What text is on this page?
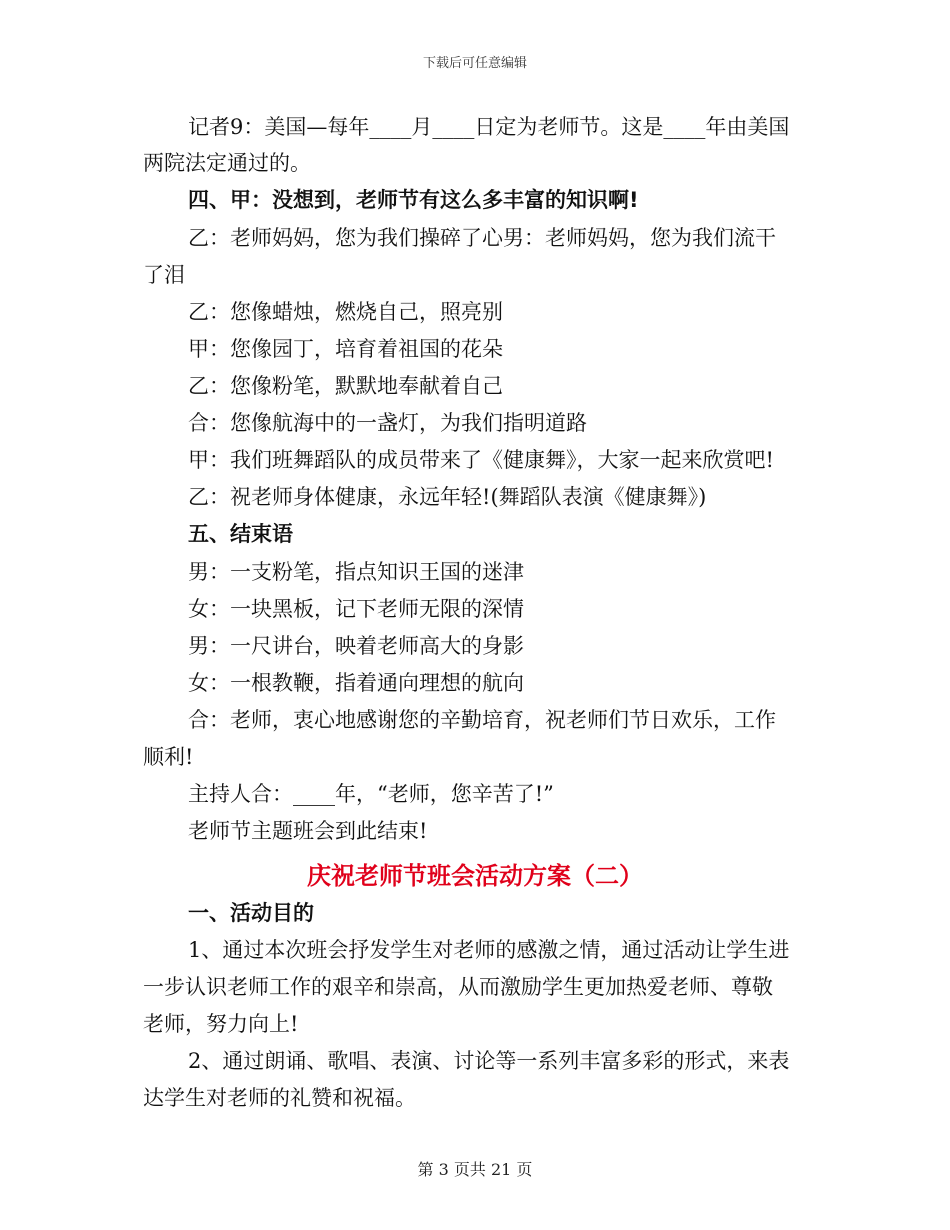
下载后可任意编辑
记者9：美国—每年____月____日定为老师节。这是____年由美国
两院法定通过的。
四、甲：没想到，老师节有这么多丰富的知识啊!
乙：老师妈妈，您为我们操碎了心男：老师妈妈，您为我们流干
了泪
乙：您像蜡烛，燃烧自己，照亮别
甲：您像园丁，培育着祖国的花朵
乙：您像粉笔，默默地奉献着自己
合：您像航海中的一盏灯，为我们指明道路
甲：我们班舞蹈队的成员带来了《健康舞》，大家一起来欣赏吧!
乙：祝老师身体健康，永远年轻!(舞蹈队表演《健康舞》)
五、结束语
男：一支粉笔，指点知识王国的迷津
女：一块黑板，记下老师无限的深情
男：一尺讲台，映着老师高大的身影
女：一根教鞭，指着通向理想的航向
合：老师，衷心地感谢您的辛勤培育，祝老师们节日欢乐，工作
顺利!
主持人合：____年，“老师，您辛苦了!”
老师节主题班会到此结束!
庆祝老师节班会活动方案（二）
一、活动目的
1、通过本次班会抒发学生对老师的感激之情，通过活动让学生进
一步认识老师工作的艰辛和崇高，从而激励学生更加热爱老师、尊敬
老师，努力向上!
2、通过朗诵、歌唱、表演、讨论等一系列丰富多彩的形式，来表
达学生对老师的礼赞和祝福。
第 3 页共 21 页
